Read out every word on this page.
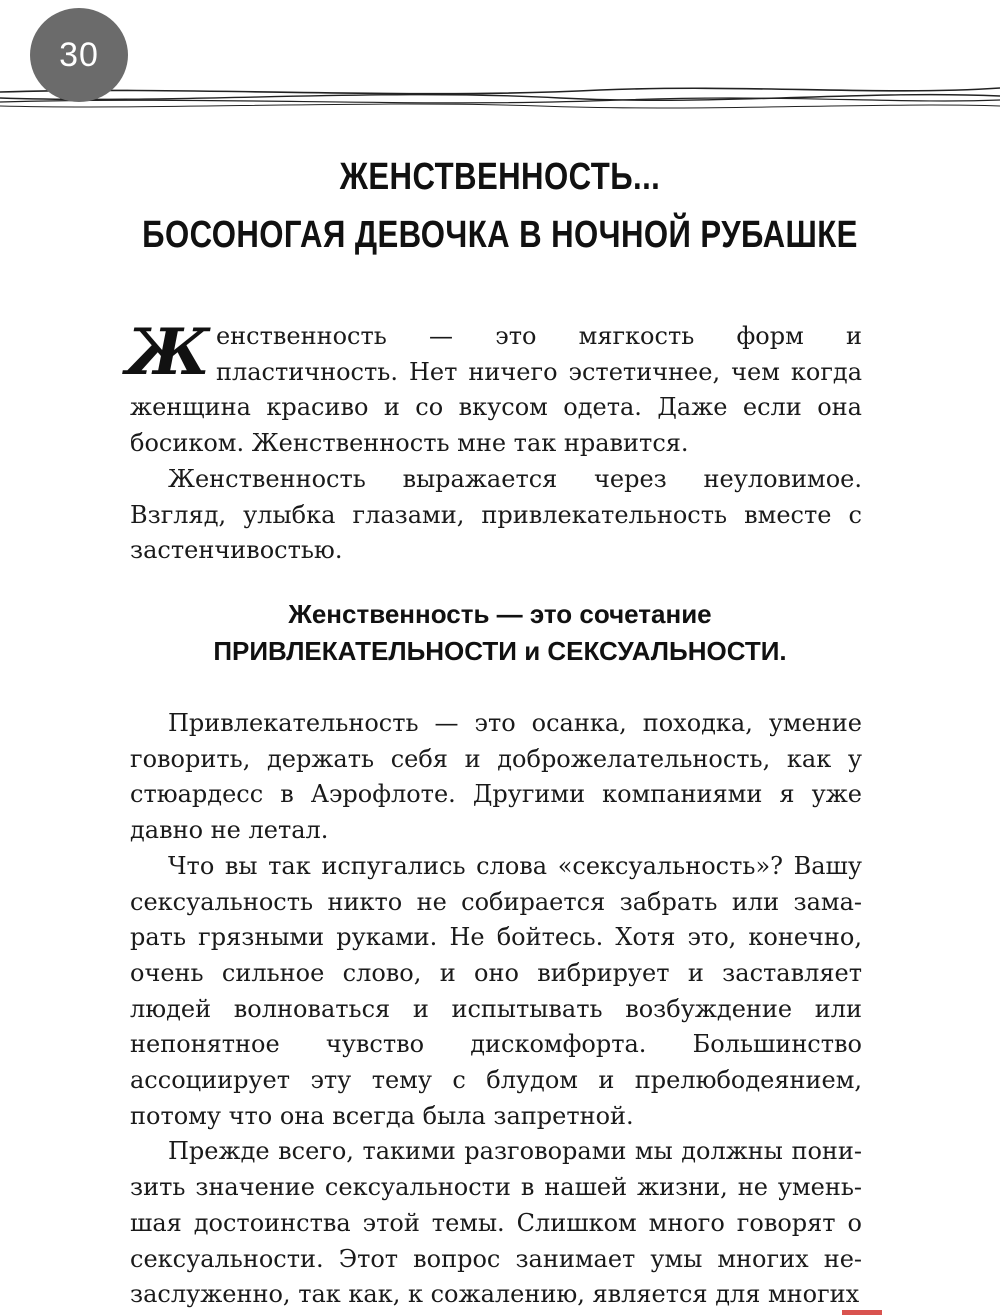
30
ЖЕНСТВЕННОСТЬ...
БОСОНОГАЯ ДЕВОЧКА В НОЧНОЙ РУБАШКЕ

Женственность — это мягкость форм и пластичность. Нет ничего эстетичнее, чем когда женщина красиво и со вкусом одета. Даже если она босиком. Женственность мне так нравится.

Женственность выражается через неуловимое. Взгляд, улыбка глазами, привлекательность вместе с застенчивостью.

Женственность — это сочетание
ПРИВЛЕКАТЕЛЬНОСТИ и СЕКСУАЛЬНОСТИ.

Привлекательность — это осанка, походка, умение говорить, держать себя и доброжелательность, как у стюардесс в Аэрофлоте. Другими компаниями я уже давно не летал.

Что вы так испугались слова «сексуальность»? Вашу сексуальность никто не собирается забрать или замарать грязными руками. Не бойтесь. Хотя это, конечно, очень сильное слово, и оно вибрирует и заставляет людей волноваться и испытывать возбуждение или непонятное чувство дискомфорта. Большинство ассоциирует эту тему с блудом и прелюбодеянием, потому что она всегда была запретной.

Прежде всего, такими разговорами мы должны понизить значение сексуальности в нашей жизни, не уменьшая достоинства этой темы. Слишком много говорят о сексуальности. Этот вопрос занимает умы многих незаслуженно, так как, к сожалению, является для многих
